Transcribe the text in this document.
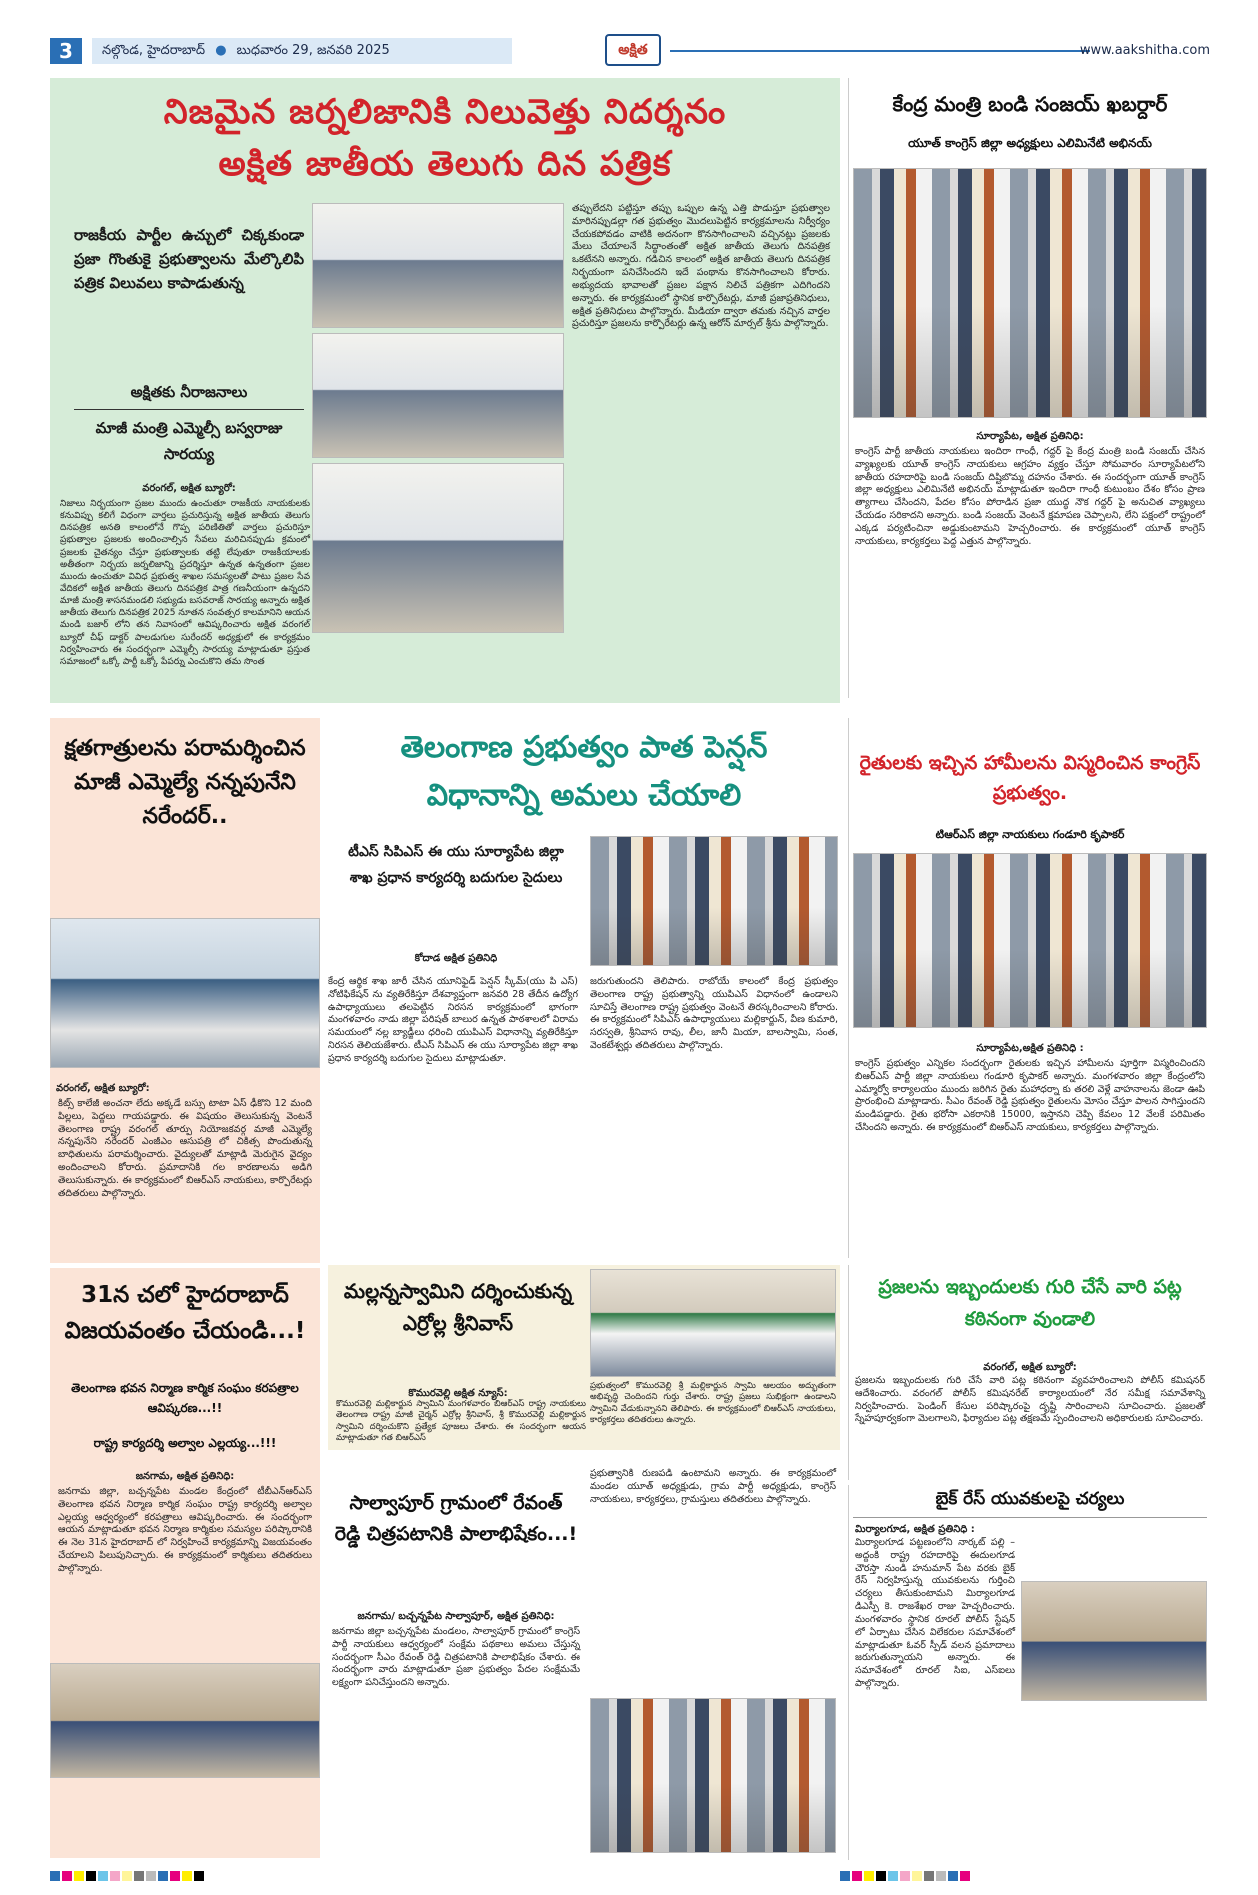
3	నల్గొండ, హైదరాబాద్ ● బుధవారం 29, జనవరి 2025	అక్షిత	www.aakshitha.com
నిజమైన జర్నలిజానికి నిలువెత్తు నిదర్శనం
అక్షిత జాతీయ తెలుగు దిన పత్రిక
రాజకీయ పార్టీల ఉచ్చులో చిక్కకుండా ప్రజా గొంతుకై ప్రభుత్వాలను మేల్కొలిపి పత్రిక విలువలు కాపాడుతున్న
అక్షితకు నీరాజనాలు
మాజీ మంత్రి ఎమ్మెల్సీ బస్వరాజు సారయ్య
వరంగల్, అక్షిత బ్యూరో:
నిజాలు నిర్భయంగా ప్రజల ముందు ఉంచుతూ రాజకీయ నాయకులకు కనువిప్పు కలిగే విధంగా వార్తలు ప్రచురిస్తున్న అక్షిత జాతీయ తెలుగు దినపత్రిక అనతి కాలంలోనే గొప్ప పరిణితితో వార్తలు ప్రచురిస్తూ ప్రభుత్వాల ప్రజలకు అందించాల్సిన సేవలు మరిచినప్పుడు క్రమంలో ప్రజలకు చైతన్యం చేస్తూ ప్రభుత్వాలకు తట్టి లేపుతూ రాజకీయాలకు అతీతంగా నిర్భయ జర్నలిజాన్ని ప్రదర్శిస్తూ ఉన్నత ఉన్నతంగా ప్రజల ముందు ఉంచుతూ వివిధ ప్రభుత్వ శాఖల సమస్యలతో పాటు ప్రజల సేవ వేదికలో అక్షిత జాతీయ తెలుగు దినపత్రిక పాత్ర గణనీయంగా ఉన్నదని మాజీ మంత్రి శాసనమండలి సభ్యుడు బసవరాజ్ సారయ్య అన్నారు అక్షిత జాతీయ తెలుగు దినపత్రిక 2025 నూతన సంవత్సర కాలమానిని ఆయన మండి బజార్ లోని తన నివాసంలో ఆవిష్కరించారు అక్షిత వరంగల్ బ్యూరో చీఫ్ డాక్టర్ పాలడుగుల సురేందర్ అధ్యక్షులో ఈ కార్యక్రమం నిర్వహించారు ఈ సందర్భంగా ఎమ్మెల్సీ సారయ్య మాట్లాడుతూ ప్రస్తుత సమాజంలో ఒక్కో పార్టీ ఒక్కో పేపర్ను ఎంచుకొని తమ సొంత
తప్పులేదని పట్టిస్తూ తప్పు ఒప్పుల ఉన్న ఎత్తి పొడుస్తూ ప్రభుత్వాల మారినప్పుడల్లా గత ప్రభుత్వం మొదలుపెట్టిన కార్యక్రమాలను నిర్వీర్యం చేయకపోవడం వాటికి అదనంగా కొనసాగించాలని వచ్చినట్లు ప్రజలకు మేలు చేయాలనే సిద్ధాంతంతో అక్షిత జాతీయ తెలుగు దినపత్రిక ఒకటేనని అన్నారు. గడిచిన కాలంలో అక్షిత జాతీయ తెలుగు దినపత్రిక నిర్భయంగా పనిచేసిందని ఇదే పంథాను కొనసాగించాలని కోరారు. అభ్యుదయ భావాలతో ప్రజల పక్షాన నిలిచే పత్రికగా ఎదిగిందని అన్నారు. ఈ కార్యక్రమంలో స్థానిక కార్పొరేటర్లు, మాజీ ప్రజాప్రతినిధులు, అక్షిత ప్రతినిధులు పాల్గొన్నారు. మీడియా ద్వారా తమకు నచ్చిన వార్తల ప్రచురిస్తూ ప్రజలను కార్పొరేటర్లు ఉన్న ఆరోన్ మార్సల్ శ్రీను పాల్గొన్నారు.
కేంద్ర మంత్రి బండి సంజయ్ ఖబర్దార్
యూత్ కాంగ్రెస్ జిల్లా అధ్యక్షులు ఎలిమినేటి అభినయ్
సూర్యాపేట, అక్షిత ప్రతినిధి:
కాంగ్రెస్ పార్టీ జాతీయ నాయకులు ఇందిరా గాంధీ, గద్దర్ పై కేంద్ర మంత్రి బండి సంజయ్ చేసిన వ్యాఖ్యలకు యూత్ కాంగ్రెస్ నాయకులు ఆగ్రహం వ్యక్తం చేస్తూ సోమవారం సూర్యాపేటలోని జాతీయ రహదారిపై బండి సంజయ్ దిష్టిబొమ్మ దహనం చేశారు. ఈ సందర్భంగా యూత్ కాంగ్రెస్ జిల్లా అధ్యక్షులు ఎలిమినేటి అభినయ్ మాట్లాడుతూ ఇందిరా గాంధీ కుటుంబం దేశం కోసం ప్రాణ త్యాగాలు చేసిందని, పేదల కోసం పోరాడిన ప్రజా యుద్ధ నౌక గద్దర్ పై అనుచిత వ్యాఖ్యలు చేయడం సరికాదని అన్నారు. బండి సంజయ్ వెంటనే క్షమాపణ చెప్పాలని, లేని పక్షంలో రాష్ట్రంలో ఎక్కడ పర్యటించినా అడ్డుకుంటామని హెచ్చరించారు. ఈ కార్యక్రమంలో యూత్ కాంగ్రెస్ నాయకులు, కార్యకర్తలు పెద్ద ఎత్తున పాల్గొన్నారు.
క్షతగాత్రులను పరామర్శించిన మాజీ ఎమ్మెల్యే నన్నపునేని నరేందర్..
వరంగల్, అక్షిత బ్యూరో:
కిట్స్ కాలేజీ అంచనా లేదు అక్కడే బస్సు టాటా ఏస్ ఢీకొని 12 మంది పిల్లలు, పెద్దలు గాయపడ్డారు. ఈ విషయం తెలుసుకున్న వెంటనే తెలంగాణ రాష్ట్ర వరంగల్ తూర్పు నియోజకవర్గ మాజీ ఎమ్మెల్యే నన్నపునేని నరేందర్ ఎంజీఎం ఆసుపత్రి లో చికిత్స పొందుతున్న బాధితులను పరామర్శించారు. వైద్యులతో మాట్లాడి మెరుగైన వైద్యం అందించాలని కోరారు. ప్రమాదానికి గల కారణాలను అడిగి తెలుసుకున్నారు. ఈ కార్యక్రమంలో బిఆర్ఎస్ నాయకులు, కార్పొరేటర్లు తదితరులు పాల్గొన్నారు.
31న చలో హైదరాబాద్ విజయవంతం చేయండి...!
తెలంగాణ భవన నిర్మాణ కార్మిక సంఘం కరపత్రాల ఆవిష్కరణ...!!
రాష్ట్ర కార్యదర్శి అల్వాల ఎల్లయ్య...!!!
జనగామ, అక్షిత ప్రతినిధి:
జనగామ జిల్లా, బచ్చన్నపేట మండల కేంద్రంలో టీబీఎన్ఆర్ఎస్ తెలంగాణ భవన నిర్మాణ కార్మిక సంఘం రాష్ట్ర కార్యదర్శి అల్వాల ఎల్లయ్య ఆధ్వర్యంలో కరపత్రాలు ఆవిష్కరించారు. ఈ సందర్భంగా ఆయన మాట్లాడుతూ భవన నిర్మాణ కార్మికుల సమస్యల పరిష్కారానికి ఈ నెల 31న హైదరాబాద్ లో నిర్వహించే కార్యక్రమాన్ని విజయవంతం చేయాలని పిలుపునిచ్చారు. ఈ కార్యక్రమంలో కార్మికులు తదితరులు పాల్గొన్నారు.
తెలంగాణ ప్రభుత్వం పాత పెన్షన్
విధానాన్ని అమలు చేయాలి
టీఎస్ సిపిఎస్ ఈ యు సూర్యాపేట జిల్లా శాఖ ప్రధాన కార్యదర్శి బదుగుల సైదులు
కోదాడ అక్షిత ప్రతినిధి
కేంద్ర ఆర్థిక శాఖ జారీ చేసిన యూనిఫైడ్ పెన్షన్ స్కీమ్(యు పి ఎస్) నోటిఫికేషన్ ను వ్యతిరేకిస్తూ దేశవ్యాప్తంగా జనవరి 28 తేదీన ఉద్యోగ ఉపాధ్యాయులు తలపెట్టిన నిరసన కార్యక్రమంలో భాగంగా మంగళవారం నాడు జిల్లా పరిషత్ బాలుర ఉన్నత పాఠశాలలో విరామ సమయంలో నల్ల బ్యాడ్జీలు ధరించి యుపిఎస్ విధానాన్ని వ్యతిరేకిస్తూ నిరసన తెలియజేశారు. టీఎస్ సిపిఎస్ ఈ యు సూర్యాపేట జిల్లా శాఖ ప్రధాన కార్యదర్శి బదుగుల సైదులు మాట్లాడుతూ.
జరుగుతుందని తెలిపారు. రాబోయే కాలంలో కేంద్ర ప్రభుత్వం తెలంగాణ రాష్ట్ర ప్రభుత్వాన్ని యుపిఎస్ విధానంలో ఉండాలని సూచిస్తే తెలంగాణ రాష్ట్ర ప్రభుత్వం వెంటనే తిరస్కరించాలని కోరారు. ఈ కార్యక్రమంలో సిపిఎస్ ఉపాధ్యాయులు మల్లికార్జున్, వీణ కుమారి, సరస్వతి, శ్రీనివాస రావు, లీల, జానీ మియా, బాలస్వామి, సంత, వెంకటేశ్వర్లు తదితరులు పాల్గొన్నారు.
మల్లన్నస్వామిని దర్శించుకున్న ఎర్రోల్ల శ్రీనివాస్
కొమురవెల్లి అక్షిత న్యూస్:
కొమురవెల్లి మల్లికార్జున స్వామిని మంగళవారం బిఆర్ఎస్ రాష్ట్ర నాయకులు తెలంగాణ రాష్ట్ర మాజీ చైర్మన్ ఎర్రోల్ల శ్రీనివాస్, శ్రీ కొమురవెల్లి మల్లికార్జున స్వామిని దర్శించుకొని ప్రత్యేక పూజలు చేశారు. ఈ సందర్భంగా ఆయన మాట్లాడుతూ గత బిఆర్ఎస్
ప్రభుత్వంలో కొమురవెల్లి శ్రీ మల్లికార్జున స్వామి ఆలయం అద్భుతంగా అభివృద్ధి చెందిందని గుర్తు చేశారు. రాష్ట్ర ప్రజలు సుభిక్షంగా ఉండాలని స్వామిని వేడుకున్నానని తెలిపారు. ఈ కార్యక్రమంలో బిఆర్ఎస్ నాయకులు, కార్యకర్తలు తదితరులు ఉన్నారు.
సాల్వాపూర్ గ్రామంలో రేవంత్ రెడ్డి చిత్రపటానికి పాలాభిషేకం...!
జనగామ/ బచ్చన్నపేట సాల్వాపూర్, అక్షిత ప్రతినిధి:
జనగామ జిల్లా బచ్చన్నపేట మండలం, సాల్వాపూర్ గ్రామంలో కాంగ్రెస్ పార్టీ నాయకులు ఆధ్వర్యంలో సంక్షేమ పథకాలు అమలు చేస్తున్న సందర్భంగా సీఎం రేవంత్ రెడ్డి చిత్రపటానికి పాలాభిషేకం చేశారు. ఈ సందర్భంగా వారు మాట్లాడుతూ ప్రజా ప్రభుత్వం పేదల సంక్షేమమే లక్ష్యంగా పనిచేస్తుందని అన్నారు.
ప్రభుత్వానికి రుణపడి ఉంటామని అన్నారు. ఈ కార్యక్రమంలో మండల యూత్ అధ్యక్షుడు, గ్రామ పార్టీ అధ్యక్షుడు, కాంగ్రెస్ నాయకులు, కార్యకర్తలు, గ్రామస్తులు తదితరులు పాల్గొన్నారు.
రైతులకు ఇచ్చిన హామీలను విస్మరించిన కాంగ్రెస్ ప్రభుత్వం.
టిఆర్ఎస్ జిల్లా నాయకులు గండూరి కృపాకర్
సూర్యాపేట,అక్షిత ప్రతినిధి :
కాంగ్రెస్ ప్రభుత్వం ఎన్నికల సందర్భంగా రైతులకు ఇచ్చిన హామీలను పూర్తిగా విస్మరించిందని బిఆర్ఎస్ పార్టీ జిల్లా నాయకులు గండూరి కృపాకర్ అన్నారు. మంగళవారం జిల్లా కేంద్రంలోని ఎమ్మార్వో కార్యాలయం ముందు జరిగిన రైతు మహాధర్నా కు తరలి వెళ్లే వాహనాలను జెండా ఊపి ప్రారంభించి మాట్లాడారు. సీఎం రేవంత్ రెడ్డి ప్రభుత్వం రైతులను మోసం చేస్తూ పాలన సాగిస్తుందని మండిపడ్డారు. రైతు భరోసా ఎకరానికి 15000, ఇస్తానని చెప్పి కేవలం 12 వేలకే పరిమితం చేసిందని అన్నారు. ఈ కార్యక్రమంలో బిఆర్ఎస్ నాయకులు, కార్యకర్తలు పాల్గొన్నారు.
ప్రజలను ఇబ్బందులకు గురి చేసే వారి పట్ల కఠినంగా వుండాలి
వరంగల్, అక్షిత బ్యూరో:
ప్రజలను ఇబ్బందులకు గురి చేసే వారి పట్ల కఠినంగా వ్యవహరించాలని పోలీస్ కమిషనర్ ఆదేశించారు. వరంగల్ పోలీస్ కమిషనరేట్ కార్యాలయంలో నేర సమీక్ష సమావేశాన్ని నిర్వహించారు. పెండింగ్ కేసుల పరిష్కారంపై దృష్టి సారించాలని సూచించారు. ప్రజలతో స్నేహపూర్వకంగా మెలగాలని, ఫిర్యాదుల పట్ల తక్షణమే స్పందించాలని అధికారులకు సూచించారు.
బైక్ రేస్ యువకులపై చర్యలు
మిర్యాలగూడ, అక్షిత ప్రతినిధి :
మిర్యాలగూడ పట్టణంలోని నార్కట్ పల్లి – అద్దంకి రాష్ట్ర రహదారిపై ఈదులగూడ చౌరస్తా నుండి హనుమాన్ పేట వరకు బైక్ రేస్ నిర్వహిస్తున్న యువకులను గుర్తించి చర్యలు తీసుకుంటామని మిర్యాలగూడ డిఎస్పీ కె. రాజశేఖర రాజు హెచ్చరించారు. మంగళవారం స్థానిక రూరల్ పోలీస్ స్టేషన్ లో ఏర్పాటు చేసిన విలేకరుల సమావేశంలో మాట్లాడుతూ ఓవర్ స్పీడ్ వలన ప్రమాదాలు జరుగుతున్నాయని అన్నారు. ఈ సమావేశంలో రూరల్ సిఐ, ఎస్ఐలు పాల్గొన్నారు.
